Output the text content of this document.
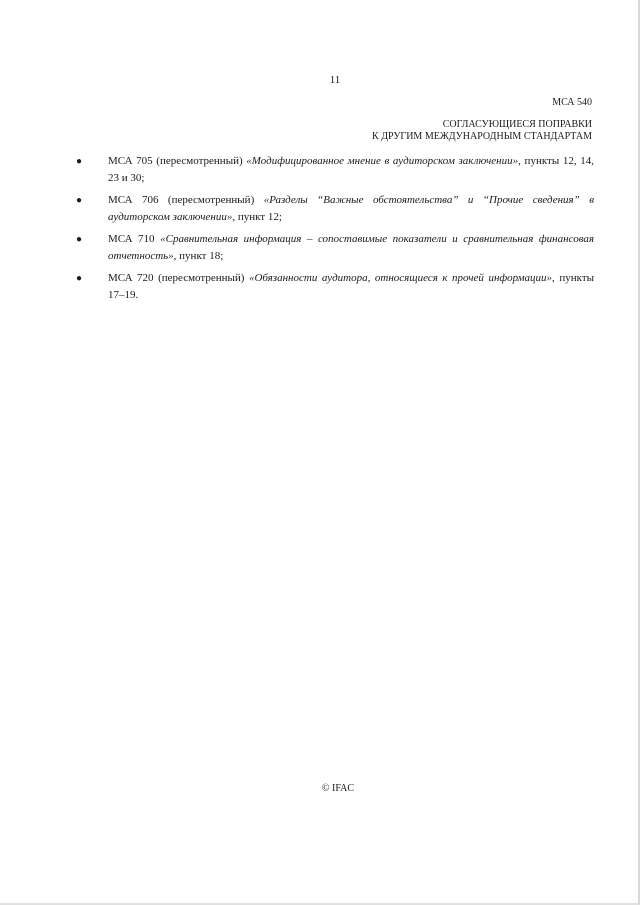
11
МСА 540
СОГЛАСУЮЩИЕСЯ ПОПРАВКИ
К ДРУГИМ МЕЖДУНАРОДНЫМ СТАНДАРТАМ
● МСА 705 (пересмотренный) «Модифицированное мнение в аудиторском заключении», пункты 12, 14, 23 и 30;
● МСА 706 (пересмотренный) «Разделы “Важные обстоятельства” и “Прочие сведения” в аудиторском заключении», пункт 12;
● МСА 710 «Сравнительная информация – сопоставимые показатели и сравнительная финансовая отчетность», пункт 18;
● МСА 720 (пересмотренный) «Обязанности аудитора, относящиеся к прочей информации», пункты 17–19.
© IFAC
